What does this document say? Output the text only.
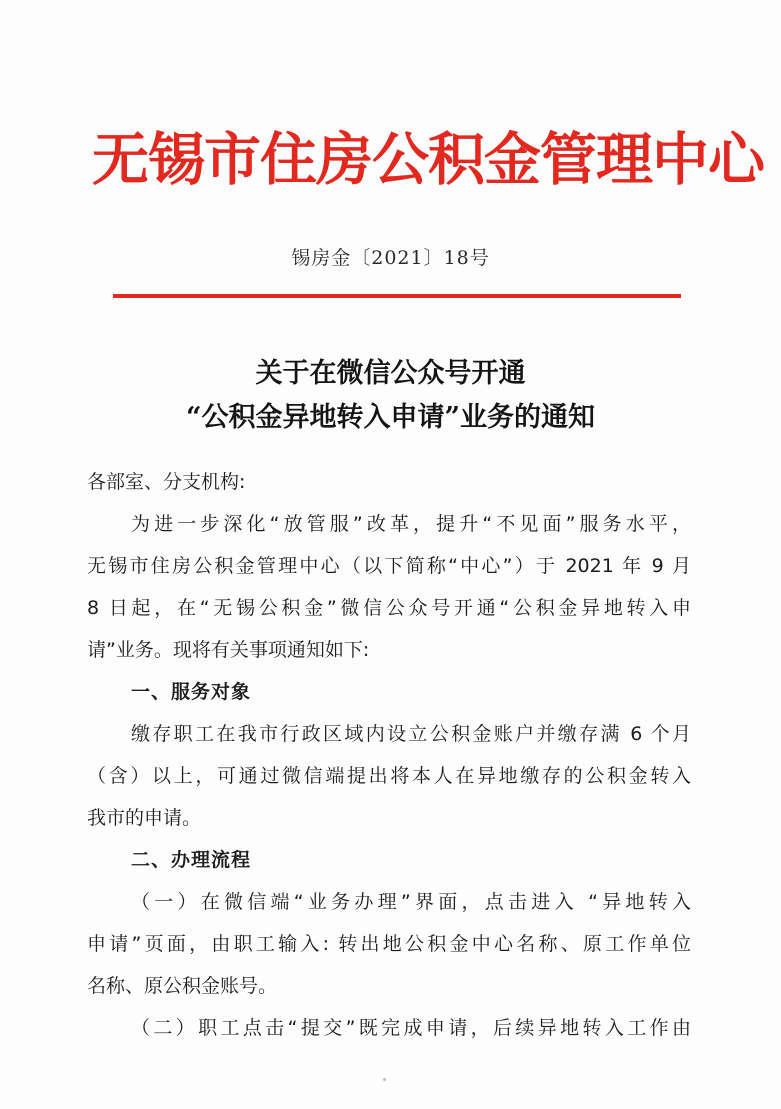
无锡市住房公积金管理中心
锡房金〔2021〕18号
关于在微信公众号开通
“公积金异地转入申请”业务的通知
各部室、分支机构:
为进一步深化“放管服”改革，提升“不见面”服务水平，
无锡市住房公积金管理中心（以下简称“中心”）于 2021 年 9 月
8 日起，在“无锡公积金”微信公众号开通“公积金异地转入申
请”业务。现将有关事项通知如下:
一、服务对象
缴存职工在我市行政区域内设立公积金账户并缴存满 6 个月
（含）以上，可通过微信端提出将本人在异地缴存的公积金转入
我市的申请。
二、办理流程
（一）在微信端“业务办理”界面，点击进入 “异地转入
申请”页面，由职工输入: 转出地公积金中心名称、原工作单位
名称、原公积金账号。
（二）职工点击“提交”既完成申请，后续异地转入工作由
